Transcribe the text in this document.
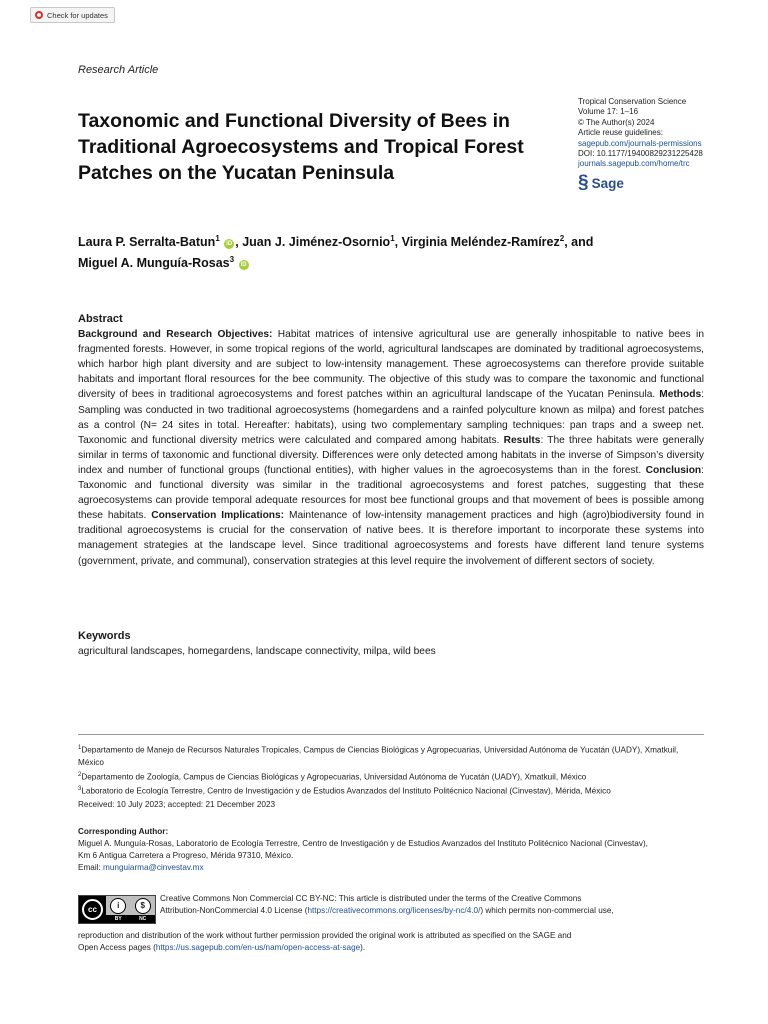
Check for updates
Research Article
Taxonomic and Functional Diversity of Bees in Traditional Agroecosystems and Tropical Forest Patches on the Yucatan Peninsula
Tropical Conservation Science
Volume 17: 1–16
© The Author(s) 2024
Article reuse guidelines:
sagepub.com/journals-permissions
DOI: 10.1177/19400829231225428
journals.sagepub.com/home/trc
§ Sage
Laura P. Serralta-Batun$^1$ iD , Juan J. Jiménez-Osornio$^1$, Virginia Meléndez-Ramírez$^2$, and
Miguel A. Munguía-Rosas$^3$ iD
Abstract
Background and Research Objectives: Habitat matrices of intensive agricultural use are generally inhospitable to native bees in fragmented forests. However, in some tropical regions of the world, agricultural landscapes are dominated by traditional agroecosystems, which harbor high plant diversity and are subject to low-intensity management. These agroecosystems can therefore provide suitable habitats and important floral resources for the bee community. The objective of this study was to compare the taxonomic and functional diversity of bees in traditional agroecosystems and forest patches within an agricultural landscape of the Yucatan Peninsula. Methods: Sampling was conducted in two traditional agroecosystems (homegardens and a rainfed polyculture known as milpa) and forest patches as a control (N= 24 sites in total. Hereafter: habitats), using two complementary sampling techniques: pan traps and a sweep net. Taxonomic and functional diversity metrics were calculated and compared among habitats. Results: The three habitats were generally similar in terms of taxonomic and functional diversity. Differences were only detected among habitats in the inverse of Simpson’s diversity index and number of functional groups (functional entities), with higher values in the agroecosystems than in the forest. Conclusion: Taxonomic and functional diversity was similar in the traditional agroecosystems and forest patches, suggesting that these agroecosystems can provide temporal adequate resources for most bee functional groups and that movement of bees is possible among these habitats. Conservation Implications: Maintenance of low-intensity management practices and high (agro)biodiversity found in traditional agroecosystems is crucial for the conservation of native bees. It is therefore important to incorporate these systems into management strategies at the landscape level. Since traditional agroecosystems and forests have different land tenure systems (government, private, and communal), conservation strategies at this level require the involvement of different sectors of society.
Keywords
agricultural landscapes, homegardens, landscape connectivity, milpa, wild bees
$^1$Departamento de Manejo de Recursos Naturales Tropicales, Campus de Ciencias Biológicas y Agropecuarias, Universidad Autónoma de Yucatán (UADY), Xmatkuil, México
$^2$Departamento de Zoología, Campus de Ciencias Biológicas y Agropecuarias, Universidad Autónoma de Yucatán (UADY), Xmatkuil, México
$^3$Laboratorio de Ecología Terrestre, Centro de Investigación y de Estudios Avanzados del Instituto Politécnico Nacional (Cinvestav), Mérida, México
Received: 10 July 2023; accepted: 21 December 2023
Corresponding Author:
Miguel A. Munguía-Rosas, Laboratorio de Ecología Terrestre, Centro de Investigación y de Estudios Avanzados del Instituto Politécnico Nacional (Cinvestav),
Km 6 Antigua Carretera a Progreso, Mérida 97310, México.
Email: munguiarma@cinvestav.mx
cc	i	$
BY	NC
Creative Commons Non Commercial CC BY-NC: This article is distributed under the terms of the Creative Commons
Attribution-NonCommercial 4.0 License (https://creativecommons.org/licenses/by-nc/4.0/) which permits non-commercial use,
reproduction and distribution of the work without further permission provided the original work is attributed as specified on the SAGE and
Open Access pages (https://us.sagepub.com/en-us/nam/open-access-at-sage).
